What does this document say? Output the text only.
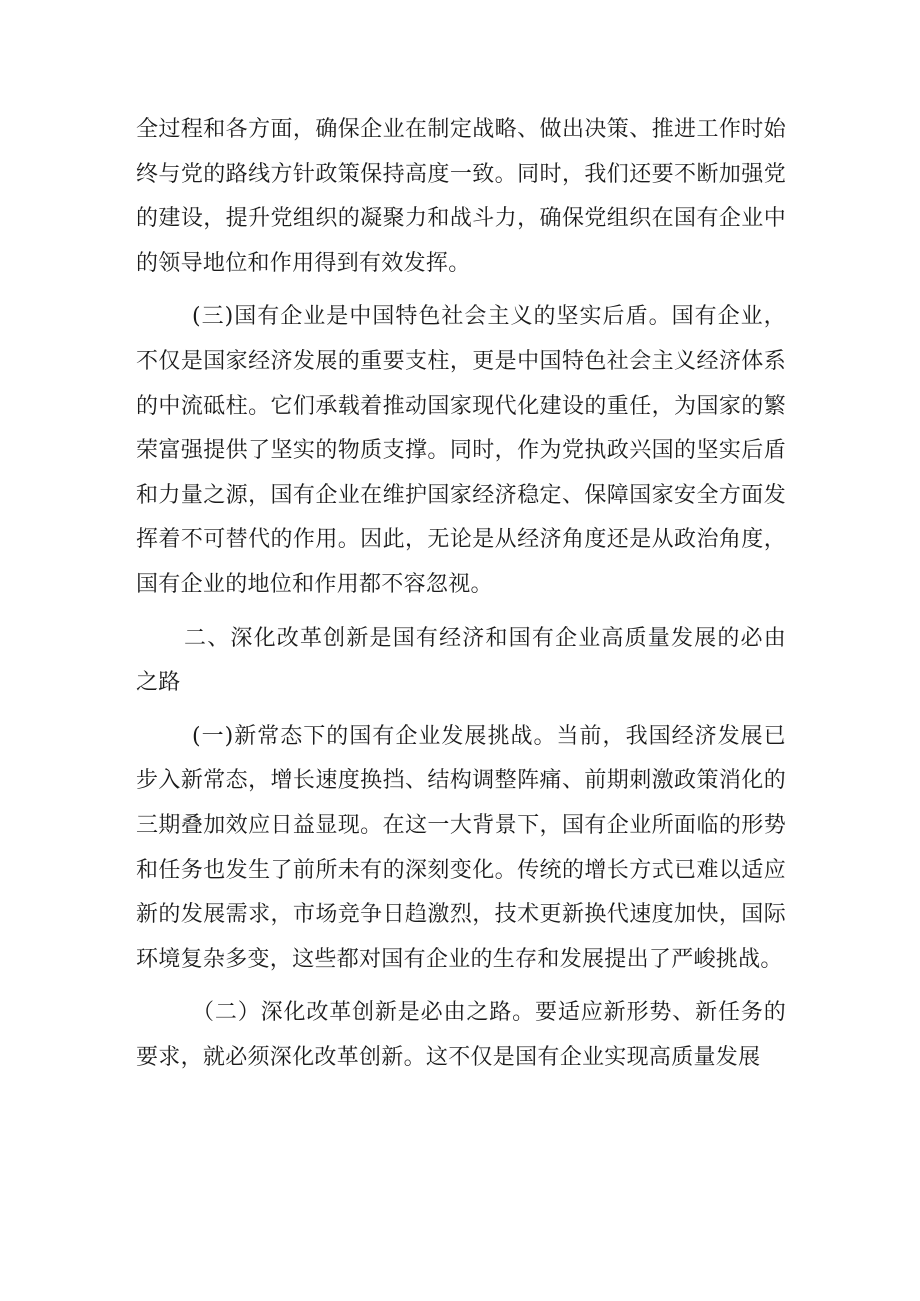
全过程和各方面，确保企业在制定战略、做出决策、推进工作时始终与党的路线方针政策保持高度一致。同时，我们还要不断加强党的建设，提升党组织的凝聚力和战斗力，确保党组织在国有企业中的领导地位和作用得到有效发挥。

(三)国有企业是中国特色社会主义的坚实后盾。国有企业，不仅是国家经济发展的重要支柱，更是中国特色社会主义经济体系的中流砥柱。它们承载着推动国家现代化建设的重任，为国家的繁荣富强提供了坚实的物质支撑。同时，作为党执政兴国的坚实后盾和力量之源，国有企业在维护国家经济稳定、保障国家安全方面发挥着不可替代的作用。因此，无论是从经济角度还是从政治角度，国有企业的地位和作用都不容忽视。

二、深化改革创新是国有经济和国有企业高质量发展的必由之路

(一)新常态下的国有企业发展挑战。当前，我国经济发展已步入新常态，增长速度换挡、结构调整阵痛、前期刺激政策消化的三期叠加效应日益显现。在这一大背景下，国有企业所面临的形势和任务也发生了前所未有的深刻变化。传统的增长方式已难以适应新的发展需求，市场竞争日趋激烈，技术更新换代速度加快，国际环境复杂多变，这些都对国有企业的生存和发展提出了严峻挑战。

（二）深化改革创新是必由之路。要适应新形势、新任务的要求，就必须深化改革创新。这不仅是国有企业实现高质量发展
